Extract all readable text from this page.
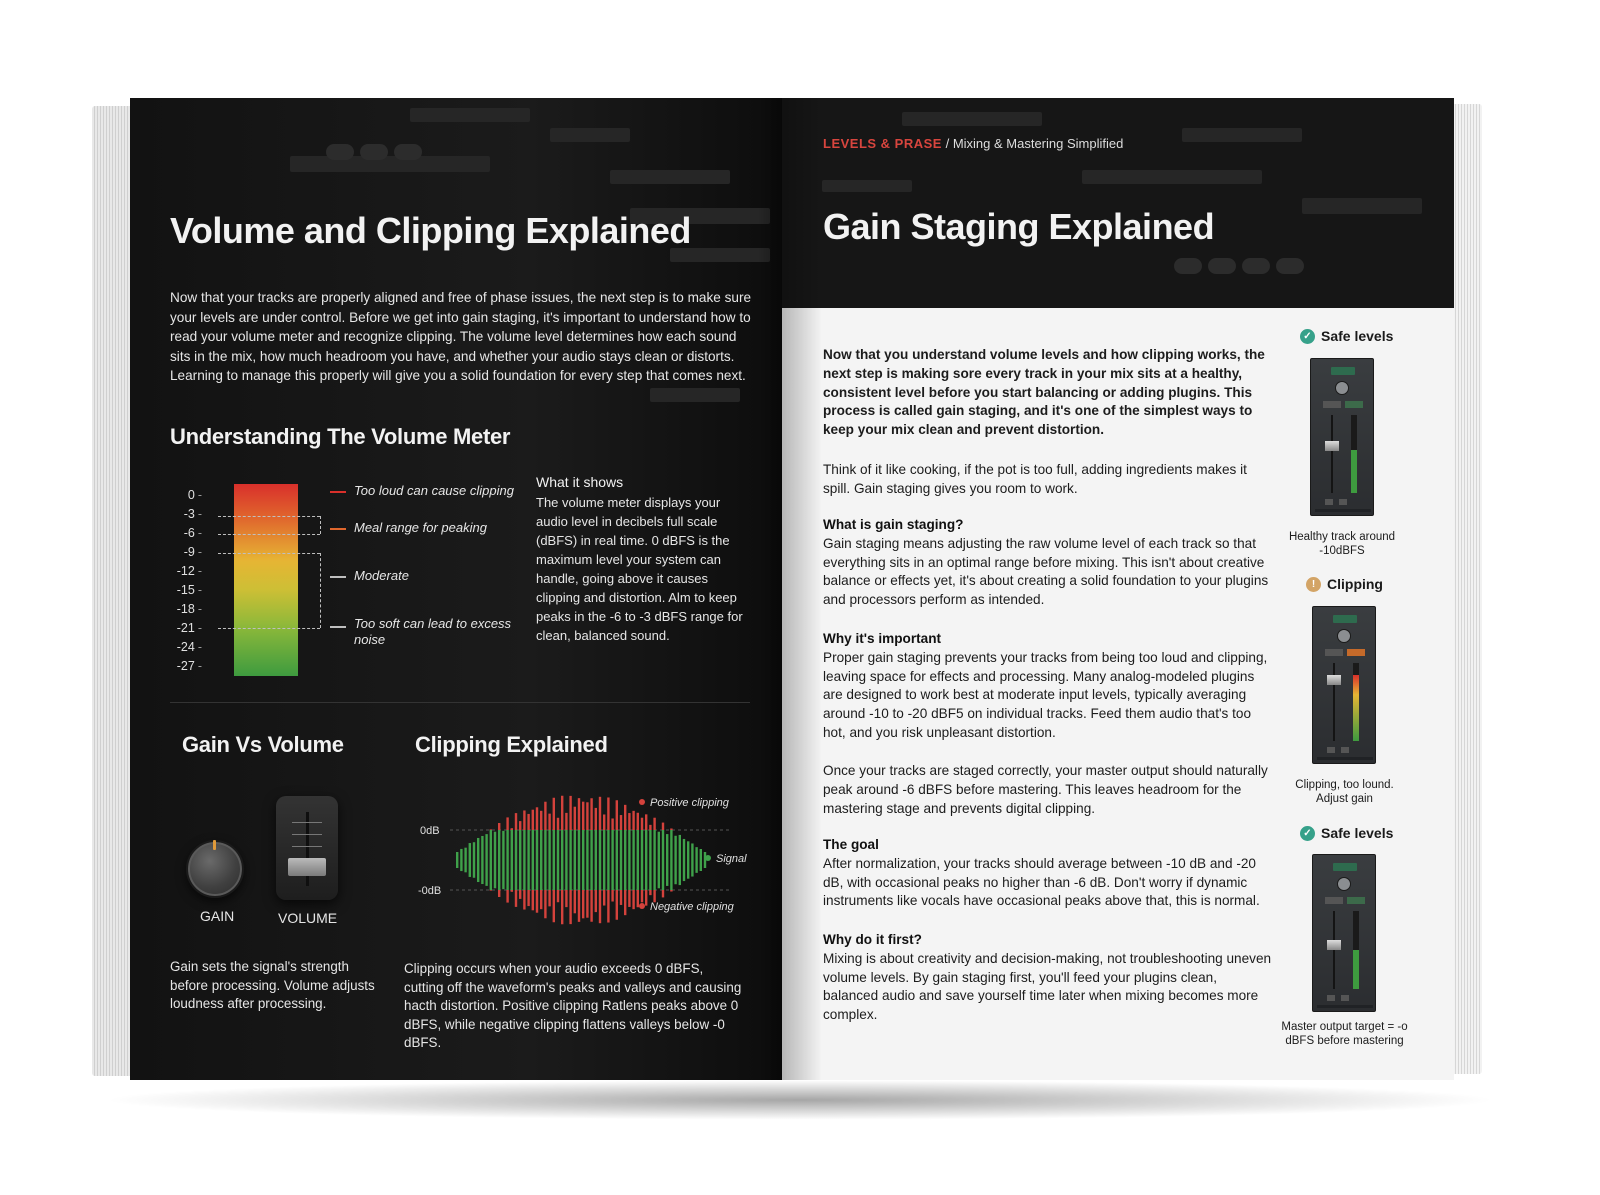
Volume and Clipping Explained
Now that your tracks are properly aligned and free of phase issues, the next step is to make sure your levels are under control. Before we get into gain staging, it's important to understand how to read your volume meter and recognize clipping. The volume level determines how each sound sits in the mix, how much headroom you have, and whether your audio stays clean or distorts. Learning to manage this properly will give you a solid foundation for every step that comes next.
Understanding The Volume Meter
0 -
-3 -
-6 -
-9 -
-12 -
-15 -
-18 -
-21 -
-24 -
-27 -
Too loud can cause clipping
Meal range for peaking
Moderate
Too soft can lead to excess noise
What it shows
The volume meter displays your audio level in decibels full scale (dBFS) in real time. 0 dBFS is the maximum level your system can handle, going above it causes clipping and distortion. Alm to keep peaks in the -6 to -3 dBFS range for clean, balanced sound.
Gain Vs Volume
GAIN	VOLUME
Gain sets the signal's strength before processing. Volume adjusts loudness after processing.
Clipping Explained
0dB
-0dB
Positive clipping
Signal
Negative clipping
Clipping occurs when your audio exceeds 0 dBFS, cutting off the waveform's peaks and valleys and causing hacth distortion. Positive clipping Ratlens peaks above 0 dBFS, while negative clipping flattens valleys below -0 dBFS.
LEVELS & PRASE / Mixing & Mastering Simplified
Gain Staging Explained
Now that you understand volume levels and how clipping works, the next step is making sore every track in your mix sits at a healthy, consistent level before you start balancing or adding plugins. This process is called gain staging, and it's one of the simplest ways to keep your mix clean and prevent distortion.
Think of it like cooking, if the pot is too full, adding ingredients makes it spill. Gain staging gives you room to work.
What is gain staging?
Gain staging means adjusting the raw volume level of each track so that everything sits in an optimal range before mixing. This isn't about creative balance or effects yet, it's about creating a solid foundation to your plugins and processors perform as intended.
Why it's important
Proper gain staging prevents your tracks from being too loud and clipping, leaving space for effects and processing. Many analog-modeled plugins are designed to work best at moderate input levels, typically averaging around -10 to -20 dBF5 on individual tracks. Feed them audio that's too hot, and you risk unpleasant distortion.
Once your tracks are staged correctly, your master output should naturally peak around -6 dBFS before mastering. This leaves headroom for the mastering stage and prevents digital clipping.
The goal
After normalization, your tracks should average between -10 dB and -20 dB, with occasional peaks no higher than -6 dB. Don't worry if dynamic instruments like vocals have occasional peaks above that, this is normal.
Why do it first?
Mixing is about creativity and decision-making, not troubleshooting uneven volume levels. By gain staging first, you'll feed your plugins clean, balanced audio and save yourself time later when mixing becomes more complex.
✓ Safe levels
Healthy track around -10dBFS
! Clipping
Clipping, too lound. Adjust gain
✓ Safe levels
Master output target = -o dBFS before mastering
